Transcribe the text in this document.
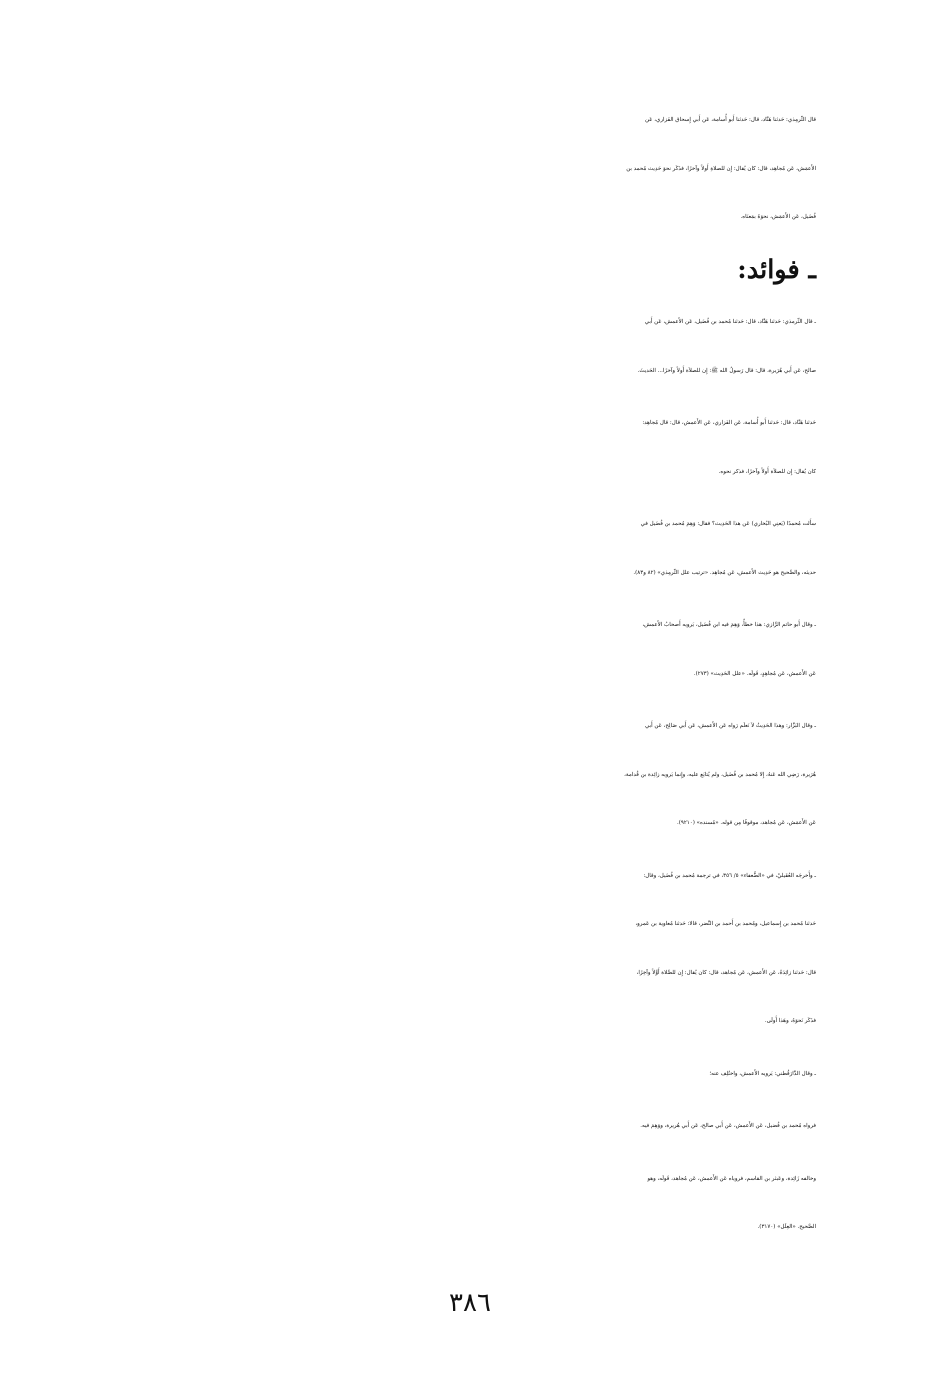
قال التِّرمِذي: حَدثنا هَنَّاد، قال: حَدثنا أَبو أُسامة، عَن أَبي إِسحاق الفَزاري، عَن
الأَعمَش، عَن مُجاهِد، قال: كان يُقال: إِن للصلاةِ أَولاً وآخرًا، فذَكَر نحوَ حَدِيث مُحمد بن
فُضَيل، عَن الأَعمَش، نحوَهُ بمَعنَاه.
ـ فوائد:
ـ قال التِّرمذي: حَدثنا هَنَّاد، قال: حَدثنا مُحمد بن فُضَيل، عَن الأَعمش، عَن أَبي
صالح، عَن أَبي هُرَيرة، قال: قال رَسولُ الله ﷺ: إِن للصلاَة أَولاً وآخرًا... الحَديثَ.
حَدثنا هَنَّاد، قال: حَدثنا أَبو أُسامة، عَن الفَزاري، عَن الأَعمش، قال: قال مُجاهِد:
كان يُقال: إِن للصلاَة أَولاً وآخرًا، فذكر نحوه.
سأَلت مُحمدًا (يَعنِي البُخاري) عَن هذا الحَدِيث؟ فقال: وَهِمَ مُحمد بن فُضَيل في
حديثه، والصَّحيح هو حَدِيث الأَعمش، عَن مُجاهِد. «ترتيب علل التِّرمِذي» (٨٢ و٨٣).
ـ وقال أَبو حاتم الرَّازي: هذا خطأٌ، وَهِمَ فيه ابن فُضَيل، يَرويه أَصحابُ الأَعمش،
عَن الأَعمش، عَن مُجاهِدٍ، قَولَه. «علل الحَدِيث» (٢٧٣).
ـ وقال البَزَّار: وهذا الحَدِيثُ لاَ نَعلَم رَواه عَن الأَعمش، عَن أَبي صَالِح، عَن أَبي
هُرَيرة، رَضِي الله عَنهُ، إِلا مُحمد بن فُضَيل، ولم يُتابَع عليه، وإِنما يَرويه زائِدة بن قُدامة،
عَن الأَعمَش، عَن مُجاهد، موقوفًا مِن قوله. «مُسنده» (٩٢١٠).
ـ وأَخرجَه العُقَيليّ، في «الضُّعفاء» ٥/ ٣٥٦، في ترجمة مُحمد بن فُضَيل، وقال:
حَدثنا مُحمد بن إِسماعيل، ومُحمد بن أَحمد بن النَّضر، قالا: حَدثنا مُعاوية بن عَمرو،
قال: حَدثنا زائِدَةُ، عَن الأَعمش، عَن مُجاهد، قال: كان يُقال: إِن للصَّلاة أَوَّلاً وآخِرًا،
فذَكَر نَحوَهُ، وهَذا أَولَى.
ـ وقال الدَّارَقُطني: يَرويه الأَعمش، واختُلِف عنه؛
فرواه مُحمد بن فُضيل، عَن الأَعمش، عَن أَبي صالح، عَن أَبي هُريرة، ووَهِمَ فيه.
وخالفه زَائِدة، وعَبثر بن القاسم، فروياه عَن الأَعمش، عَن مُجاهد، قَولَه، وهو
الصَّحيح. «العِلَل» (٣١٧٠).
٣٨٦
